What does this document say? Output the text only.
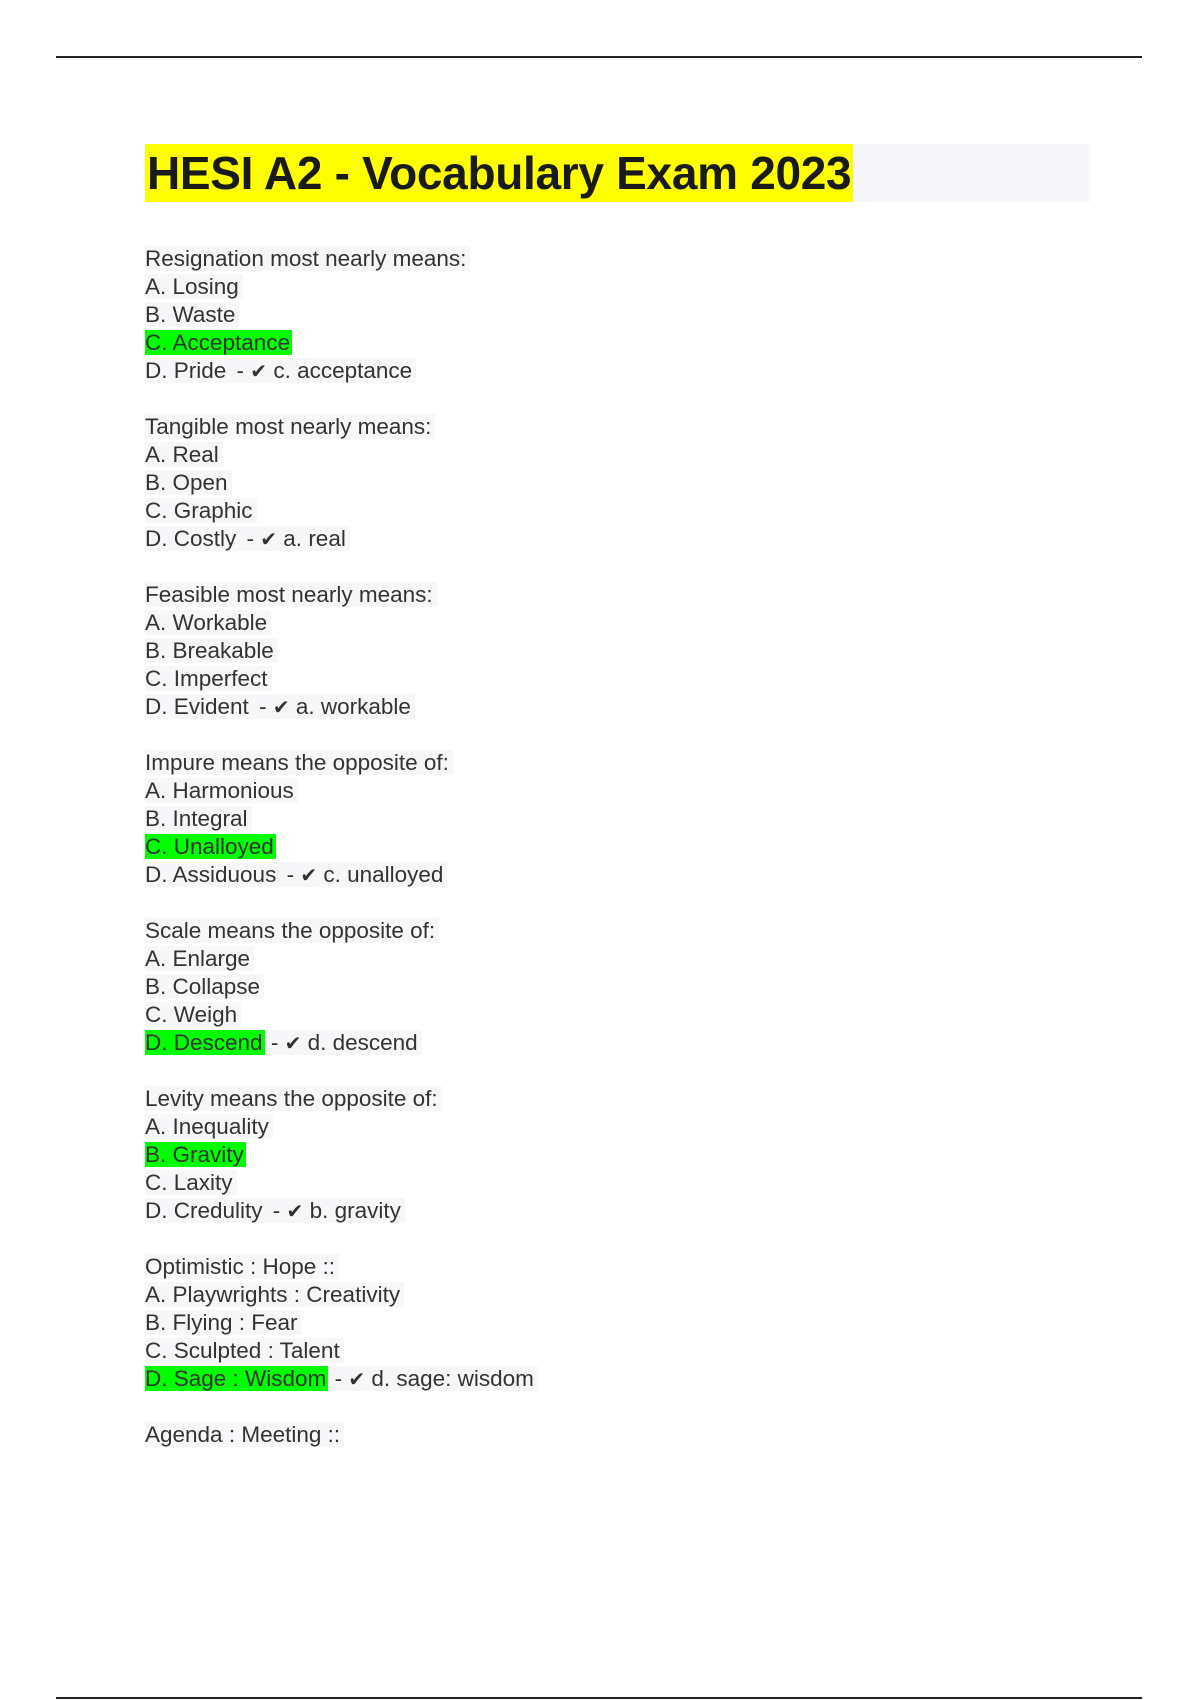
HESI A2 - Vocabulary Exam 2023
Resignation most nearly means:
A. Losing
B. Waste
C. Acceptance
D. Pride - ✔ c. acceptance
Tangible most nearly means:
A. Real
B. Open
C. Graphic
D. Costly - ✔ a. real
Feasible most nearly means:
A. Workable
B. Breakable
C. Imperfect
D. Evident - ✔ a. workable
Impure means the opposite of:
A. Harmonious
B. Integral
C. Unalloyed
D. Assiduous - ✔ c. unalloyed
Scale means the opposite of:
A. Enlarge
B. Collapse
C. Weigh
D. Descend - ✔ d. descend
Levity means the opposite of:
A. Inequality
B. Gravity
C. Laxity
D. Credulity - ✔ b. gravity
Optimistic : Hope ::
A. Playwrights : Creativity
B. Flying : Fear
C. Sculpted : Talent
D. Sage : Wisdom - ✔ d. sage: wisdom
Agenda : Meeting ::
